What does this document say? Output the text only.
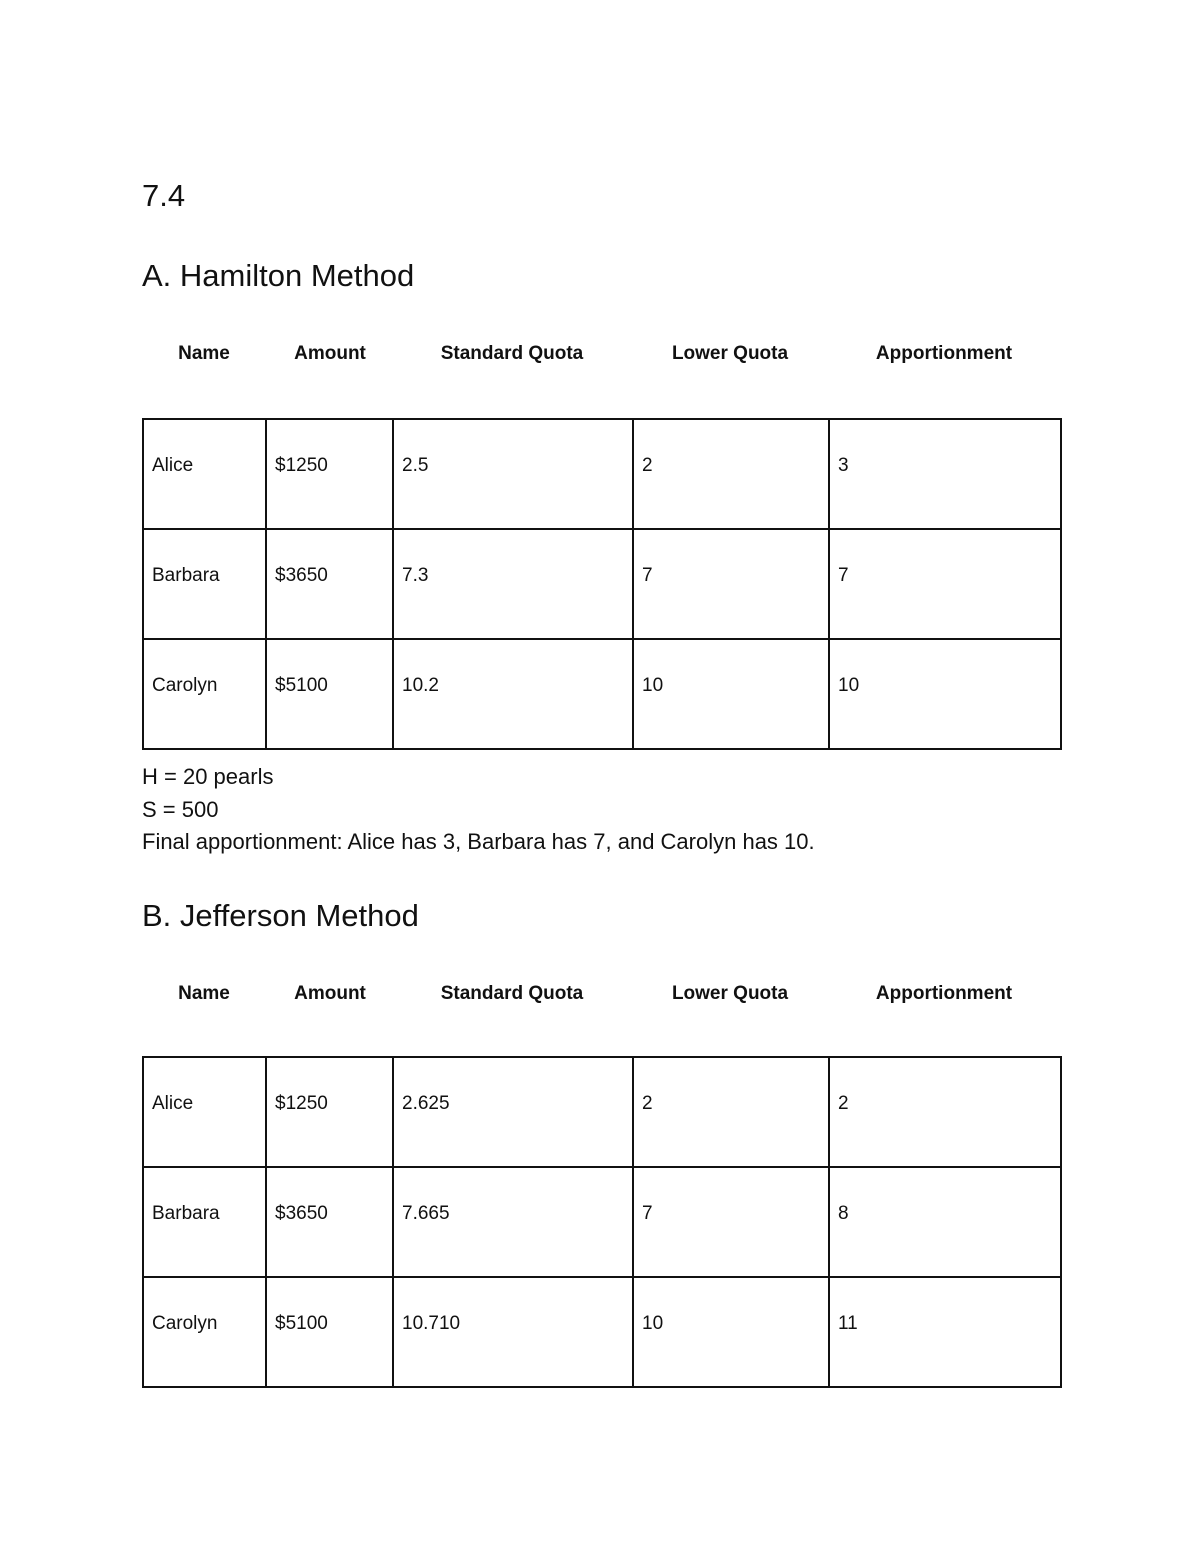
7.4
A. Hamilton Method
Name	Amount	Standard Quota	Lower Quota	Apportionment
Alice	$1250	2.5	2	3
Barbara	$3650	7.3	7	7
Carolyn	$5100	10.2	10	10
H = 20 pearls
S = 500
Final apportionment: Alice has 3, Barbara has 7, and Carolyn has 10.
B. Jefferson Method
Name	Amount	Standard Quota	Lower Quota	Apportionment
Alice	$1250	2.625	2	2
Barbara	$3650	7.665	7	8
Carolyn	$5100	10.710	10	11
